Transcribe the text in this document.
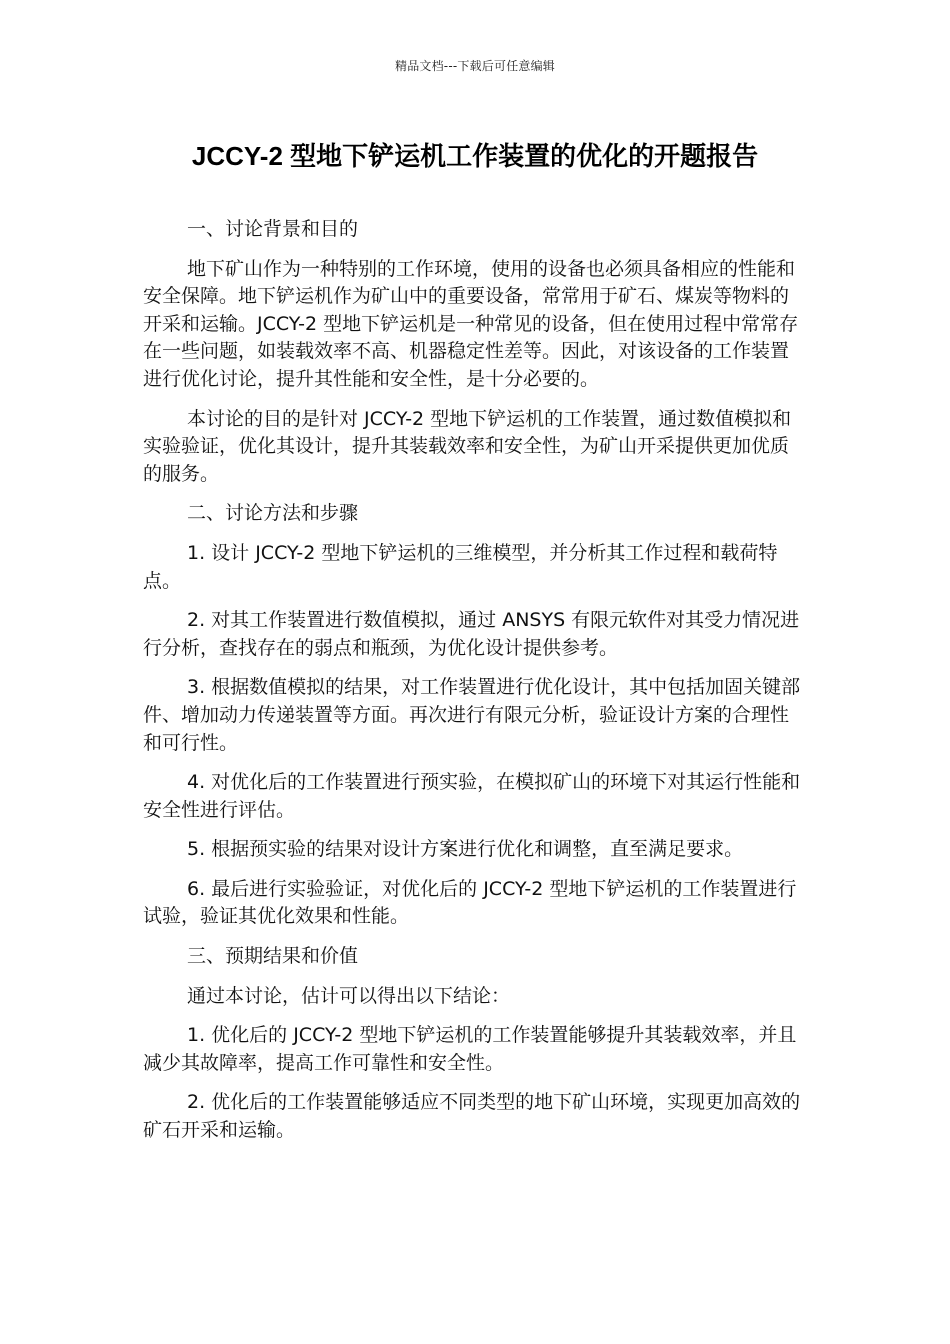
精品文档---下载后可任意编辑
JCCY-2 型地下铲运机工作装置的优化的开题报告

一、讨论背景和目的

地下矿山作为一种特别的工作环境，使用的设备也必须具备相应的性能和安全保障。地下铲运机作为矿山中的重要设备，常常用于矿石、煤炭等物料的开采和运输。JCCY-2 型地下铲运机是一种常见的设备，但在使用过程中常常存在一些问题，如装载效率不高、机器稳定性差等。因此，对该设备的工作装置进行优化讨论，提升其性能和安全性，是十分必要的。

本讨论的目的是针对 JCCY-2 型地下铲运机的工作装置，通过数值模拟和实验验证，优化其设计，提升其装载效率和安全性，为矿山开采提供更加优质的服务。

二、讨论方法和步骤

1. 设计 JCCY-2 型地下铲运机的三维模型，并分析其工作过程和载荷特点。

2. 对其工作装置进行数值模拟，通过 ANSYS 有限元软件对其受力情况进行分析，查找存在的弱点和瓶颈，为优化设计提供参考。

3. 根据数值模拟的结果，对工作装置进行优化设计，其中包括加固关键部件、增加动力传递装置等方面。再次进行有限元分析，验证设计方案的合理性和可行性。

4. 对优化后的工作装置进行预实验，在模拟矿山的环境下对其运行性能和安全性进行评估。

5. 根据预实验的结果对设计方案进行优化和调整，直至满足要求。

6. 最后进行实验验证，对优化后的 JCCY-2 型地下铲运机的工作装置进行试验，验证其优化效果和性能。

三、预期结果和价值

通过本讨论，估计可以得出以下结论：

1. 优化后的 JCCY-2 型地下铲运机的工作装置能够提升其装载效率，并且减少其故障率，提高工作可靠性和安全性。

2. 优化后的工作装置能够适应不同类型的地下矿山环境，实现更加高效的矿石开采和运输。
